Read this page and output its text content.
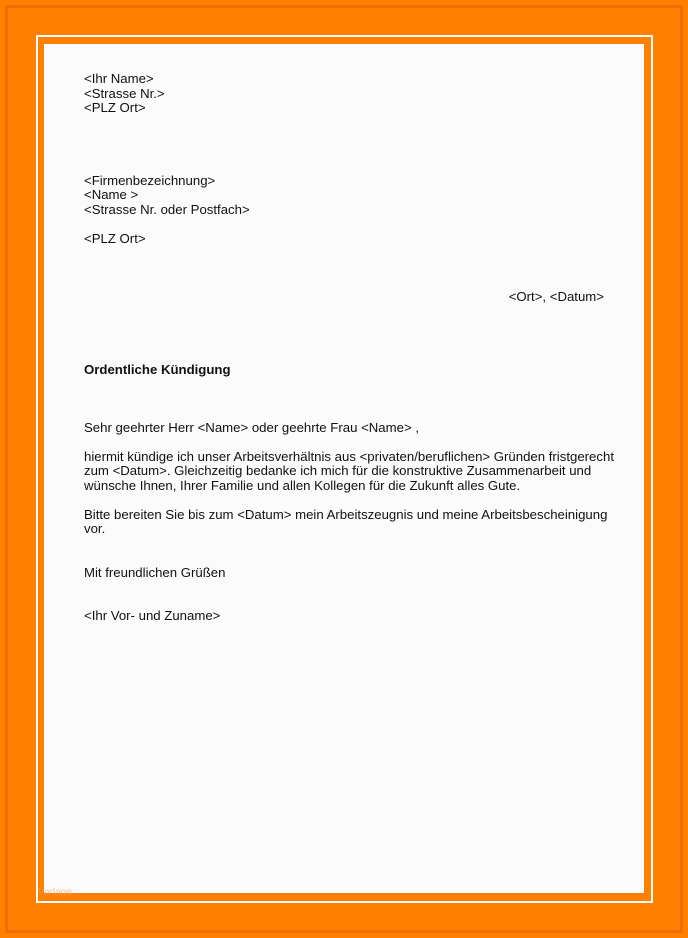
<Ihr Name>

<Strasse Nr.>

<PLZ Ort>

<Firmenbezeichnung>

<Name >

<Strasse Nr. oder Postfach>

<PLZ Ort>

<Ort>, <Datum>

Ordentliche Kündigung

Sehr geehrter Herr <Name> oder geehrte Frau <Name> ,

hiermit kündige ich unser Arbeitsverhältnis aus <privaten/beruflichen> Gründen fristgerecht

zum <Datum>. Gleichzeitig bedanke ich mich für die konstruktive Zusammenarbeit und

wünsche Ihnen, Ihrer Familie und allen Kollegen für die Zukunft alles Gute.

Bitte bereiten Sie bis zum <Datum> mein Arbeitszeugnis und meine Arbeitsbescheinigung

vor.

Mit freundlichen Grüßen

<Ihr Vor- und Zuname>

Vorlage
